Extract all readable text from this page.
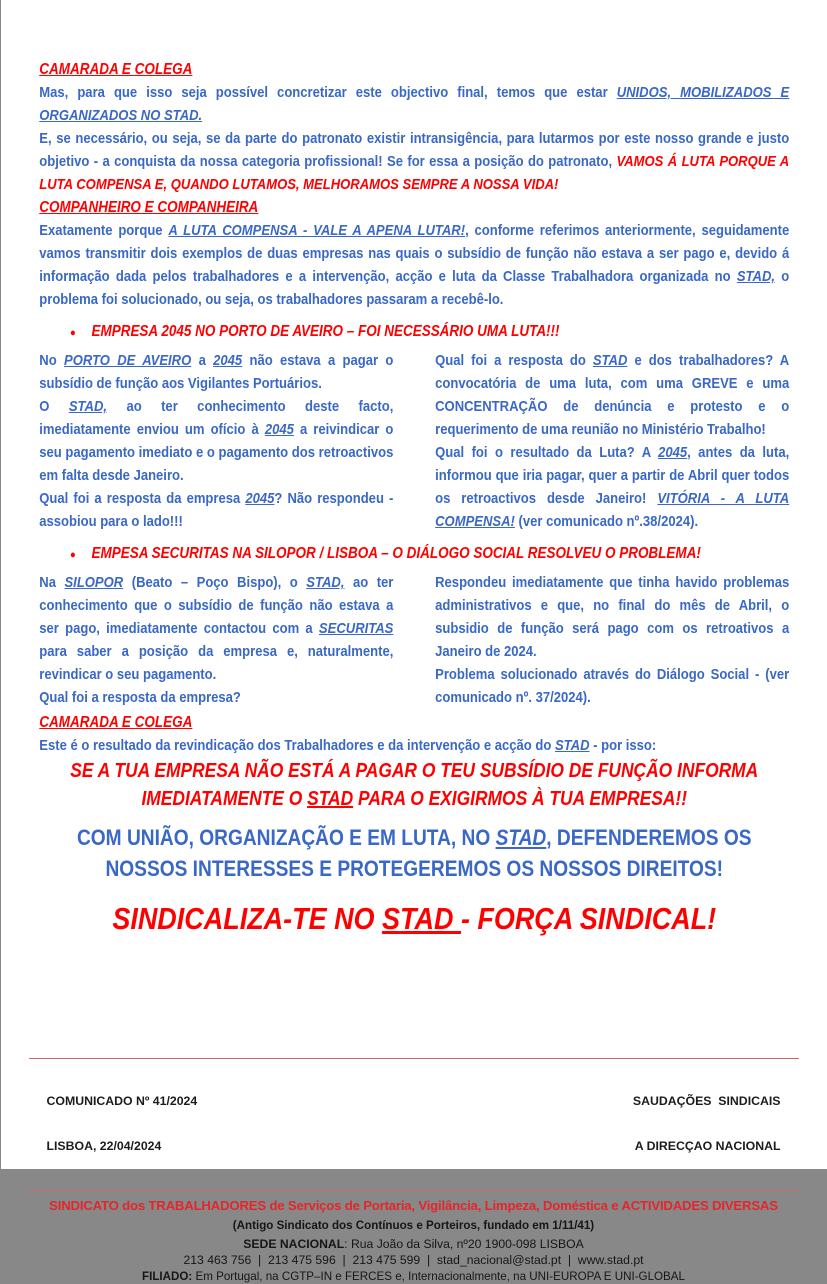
CAMARADA E COLEGA

Mas, para que isso seja possível concretizar este objectivo final, temos que estar UNIDOS, MOBILIZADOS E ORGANIZADOS NO STAD.

E, se necessário, ou seja, se da parte do patronato existir intransigência, para lutarmos por este nosso grande e justo objetivo - a conquista da nossa categoria profissional! Se for essa a posição do patronato, VAMOS Á LUTA PORQUE A LUTA COMPENSA E, QUANDO LUTAMOS, MELHORAMOS SEMPRE A NOSSA VIDA!

COMPANHEIRO E COMPANHEIRA

Exatamente porque A LUTA COMPENSA - VALE A APENA LUTAR!, conforme referimos anteriormente, seguidamente vamos transmitir dois exemplos de duas empresas nas quais o subsídio de função não estava a ser pago e, devido á informação dada pelos trabalhadores e a intervenção, acção e luta da Classe Trabalhadora organizada no STAD, o problema foi solucionado, ou seja, os trabalhadores passaram a recebê-lo.

●	EMPRESA 2045 NO PORTO DE AVEIRO – FOI NECESSÁRIO UMA LUTA!!!

No PORTO DE AVEIRO a 2045 não estava a pagar o subsídio de função aos Vigilantes Portuários.

O STAD, ao ter conhecimento deste facto, imediatamente enviou um ofício à 2045 a reivindicar o seu pagamento imediato e o pagamento dos retroactivos em falta desde Janeiro.

Qual foi a resposta da empresa 2045? Não respondeu - assobiou para o lado!!!

Qual foi a resposta do STAD e dos trabalhadores? A convocatória de uma luta, com uma GREVE e uma CONCENTRAÇÃO de denúncia e protesto e o requerimento de uma reunião no Ministério Trabalho!

Qual foi o resultado da Luta? A 2045, antes da luta, informou que iria pagar, quer a partir de Abril quer todos os retroactivos desde Janeiro! VITÓRIA - A LUTA COMPENSA! (ver comunicado nº.38/2024).

●	EMPESA SECURITAS NA SILOPOR / LISBOA – O DIÁLOGO SOCIAL RESOLVEU O PROBLEMA!

Na SILOPOR (Beato – Poço Bispo), o STAD, ao ter conhecimento que o subsídio de função não estava a ser pago, imediatamente contactou com a SECURITAS para saber a posição da empresa e, naturalmente, revindicar o seu pagamento.

Qual foi a resposta da empresa?

Respondeu imediatamente que tinha havido problemas administrativos e que, no final do mês de Abril, o subsidio de função será pago com os retroativos a Janeiro de 2024.

Problema solucionado através do Diálogo Social - (ver comunicado nº. 37/2024).

CAMARADA E COLEGA

Este é o resultado da revindicação dos Trabalhadores e da intervenção e acção do STAD - por isso:

SE A TUA EMPRESA NÃO ESTÁ A PAGAR O TEU SUBSÍDIO DE FUNÇÃO INFORMA
IMEDIATAMENTE O STAD PARA O EXIGIRMOS À TUA EMPRESA!!
COM UNIÃO, ORGANIZAÇÃO E EM LUTA, NO STAD, DEFENDEREMOS OS
NOSSOS INTERESSES E PROTEGEREMOS OS NOSSOS DIREITOS!
SINDICALIZA-TE NO STAD - FORÇA SINDICAL!

COMUNICADO Nº 41/2024

LISBOA, 22/04/2024

SAUDAÇÕES  SINDICAIS

A DIRECÇAO NACIONAL

SINDICATO dos TRABALHADORES de Serviços de Portaria, Vigilância, Limpeza, Doméstica e ACTIVIDADES DIVERSAS
(Antigo Sindicato dos Contínuos e Porteiros, fundado em 1/11/41)
SEDE NACIONAL: Rua João da Silva, nº20 1900-098 LISBOA
213 463 756  |  213 475 596  |  213 475 599  |  stad_nacional@stad.pt  |  www.stad.pt
FILIADO: Em Portugal, na CGTP–IN e FERCES e, Internacionalmente, na UNI-EUROPA E UNI-GLOBAL
